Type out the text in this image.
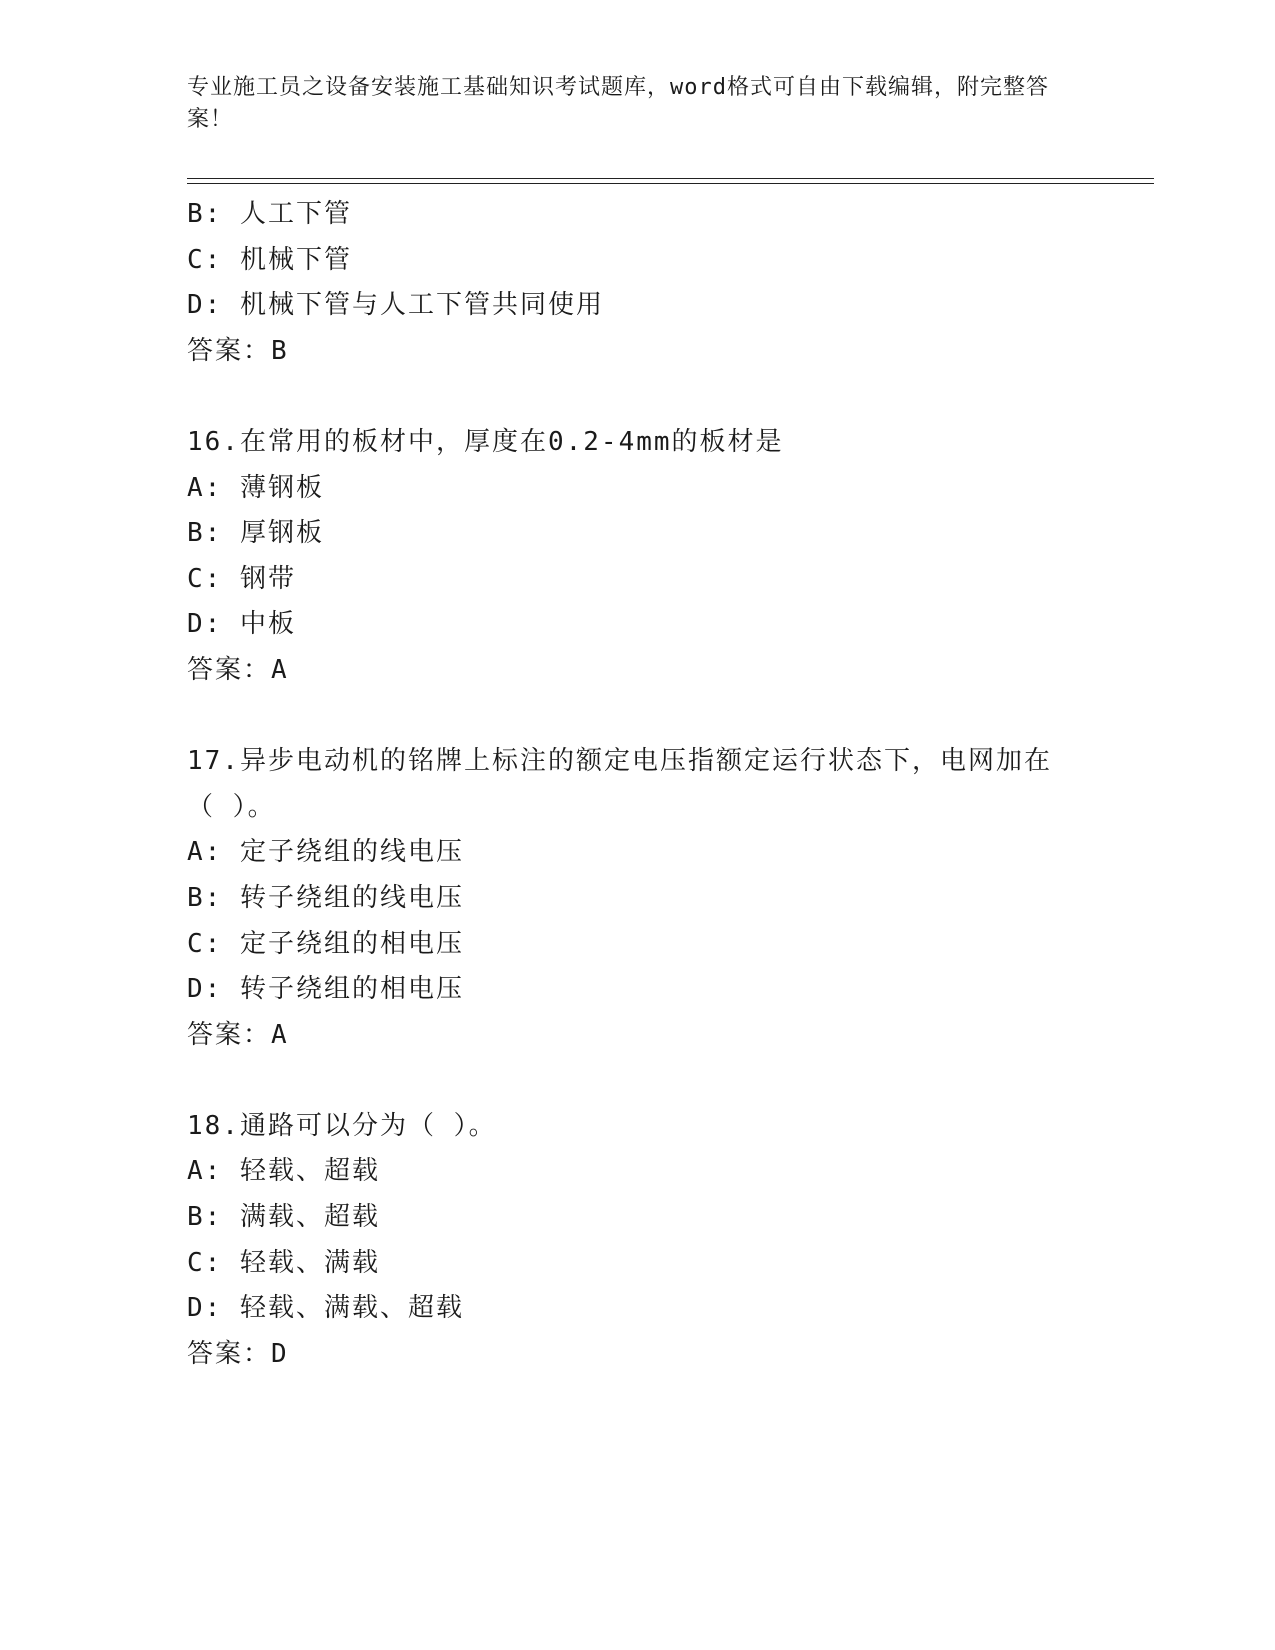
专业施工员之设备安装施工基础知识考试题库，word格式可自由下载编辑，附完整答案！
B: 人工下管
C: 机械下管
D: 机械下管与人工下管共同使用
答案：B
16.在常用的板材中，厚度在0.2-4mm的板材是
A: 薄钢板
B: 厚钢板
C: 钢带
D: 中板
答案：A
17.异步电动机的铭牌上标注的额定电压指额定运行状态下，电网加在（ ）。
A: 定子绕组的线电压
B: 转子绕组的线电压
C: 定子绕组的相电压
D: 转子绕组的相电压
答案：A
18.通路可以分为（ ）。
A: 轻载、超载
B: 满载、超载
C: 轻载、满载
D: 轻载、满载、超载
答案：D
